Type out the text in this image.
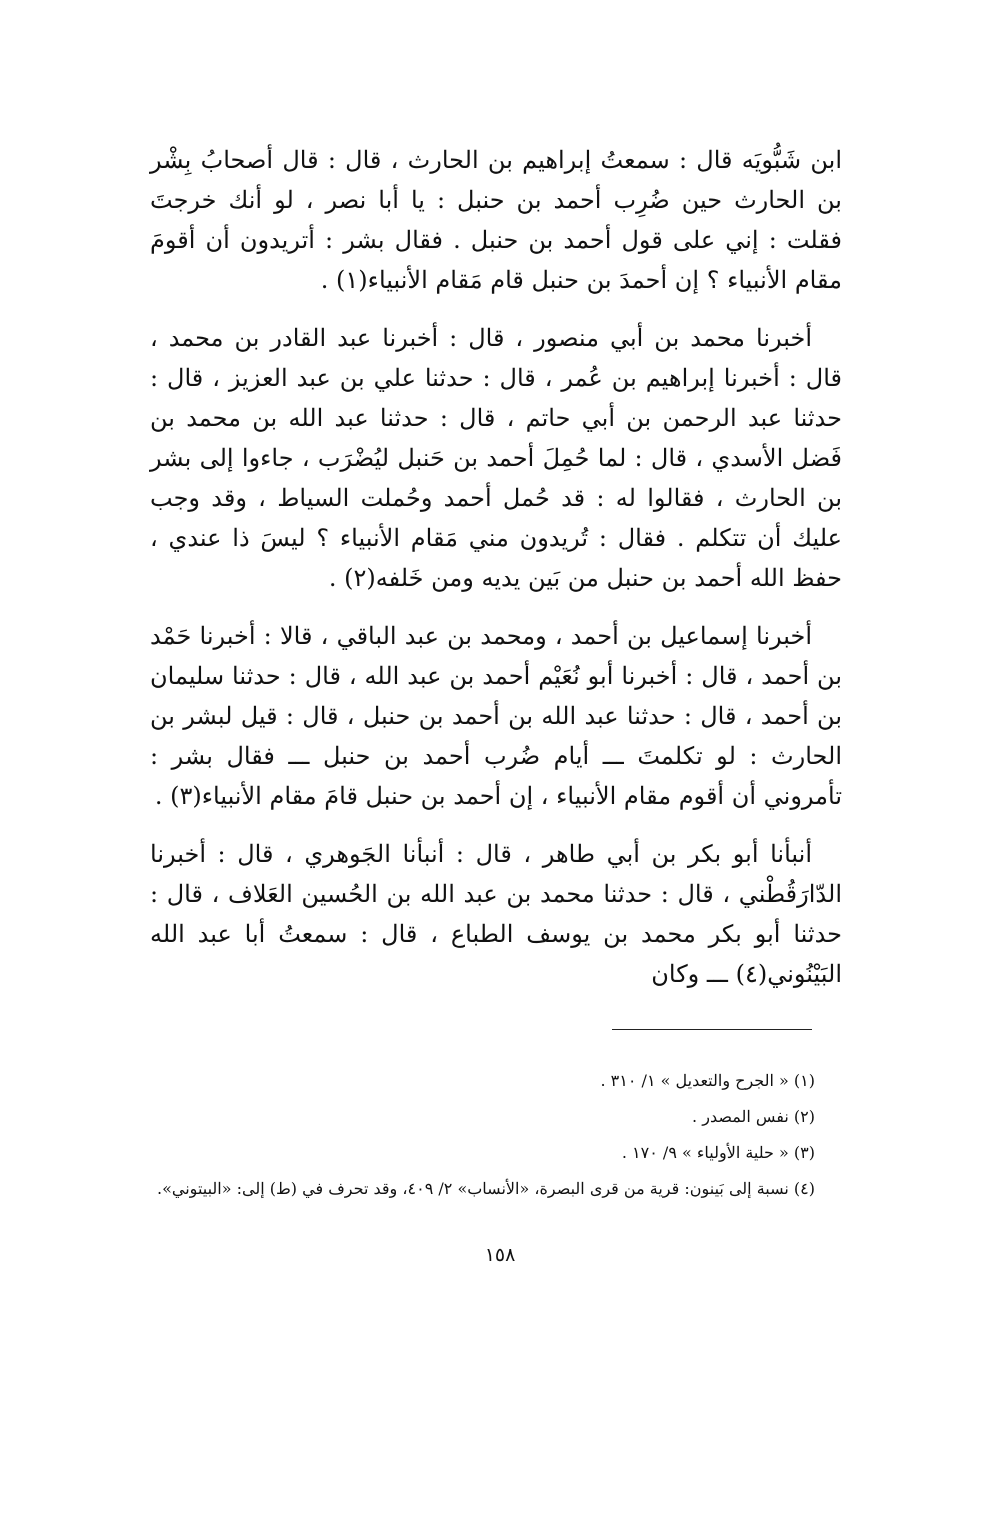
ابن شَبُّويَه قال : سمعتُ إبراهيم بن الحارث ، قال : قال أصحابُ بِشْر بن الحارث حين ضُرِب أحمد بن حنبل : يا أبا نصر ، لو أنك خرجتَ فقلت : إني على قول أحمد بن حنبل . فقال بشر : أتريدون أن أقومَ مقام الأنبياء ؟ إن أحمدَ بن حنبل قام مَقام الأنبياء(١) .

أخبرنا محمد بن أبي منصور ، قال : أخبرنا عبد القادر بن محمد ، قال : أخبرنا إبراهيم بن عُمر ، قال : حدثنا علي بن عبد العزيز ، قال : حدثنا عبد الرحمن بن أبي حاتم ، قال : حدثنا عبد الله بن محمد بن فَضل الأسدي ، قال : لما حُمِلَ أحمد بن حَنبل ليُضْرَب ، جاءوا إلى بشر بن الحارث ، فقالوا له : قد حُمل أحمد وحُملت السياط ، وقد وجب عليك أن تتكلم . فقال : تُريدون مني مَقام الأنبياء ؟ ليسَ ذا عندي ، حفظ الله أحمد بن حنبل من بَين يديه ومن خَلفه(٢) .

أخبرنا إسماعيل بن أحمد ، ومحمد بن عبد الباقي ، قالا : أخبرنا حَمْد بن أحمد ، قال : أخبرنا أبو نُعَيْم أحمد بن عبد الله ، قال : حدثنا سليمان بن أحمد ، قال : حدثنا عبد الله بن أحمد بن حنبل ، قال : قيل لبشر بن الحارث : لو تكلمتَ ـــ أيام ضُرب أحمد بن حنبل ـــ فقال بشر : تأمروني أن أقوم مقام الأنبياء ، إن أحمد بن حنبل قامَ مقام الأنبياء(٣) .

أنبأنا أبو بكر بن أبي طاهر ، قال : أنبأنا الجَوهري ، قال : أخبرنا الدّارَقُطْني ، قال : حدثنا محمد بن عبد الله بن الحُسين العَلاف ، قال : حدثنا أبو بكر محمد بن يوسف الطباع ، قال : سمعتُ أبا عبد الله البَيْنُوني(٤) ـــ وكان

(١) « الجرح والتعديل » ١/ ٣١٠ .
(٢) نفس المصدر .
(٣) « حلية الأولياء » ٩/ ١٧٠ .
(٤) نسبة إلى بَينون: قرية من قرى البصرة، «الأنساب» ٢/ ٤٠٩، وقد تحرف في (ط) إلى: «البيتوني».
١٥٨
